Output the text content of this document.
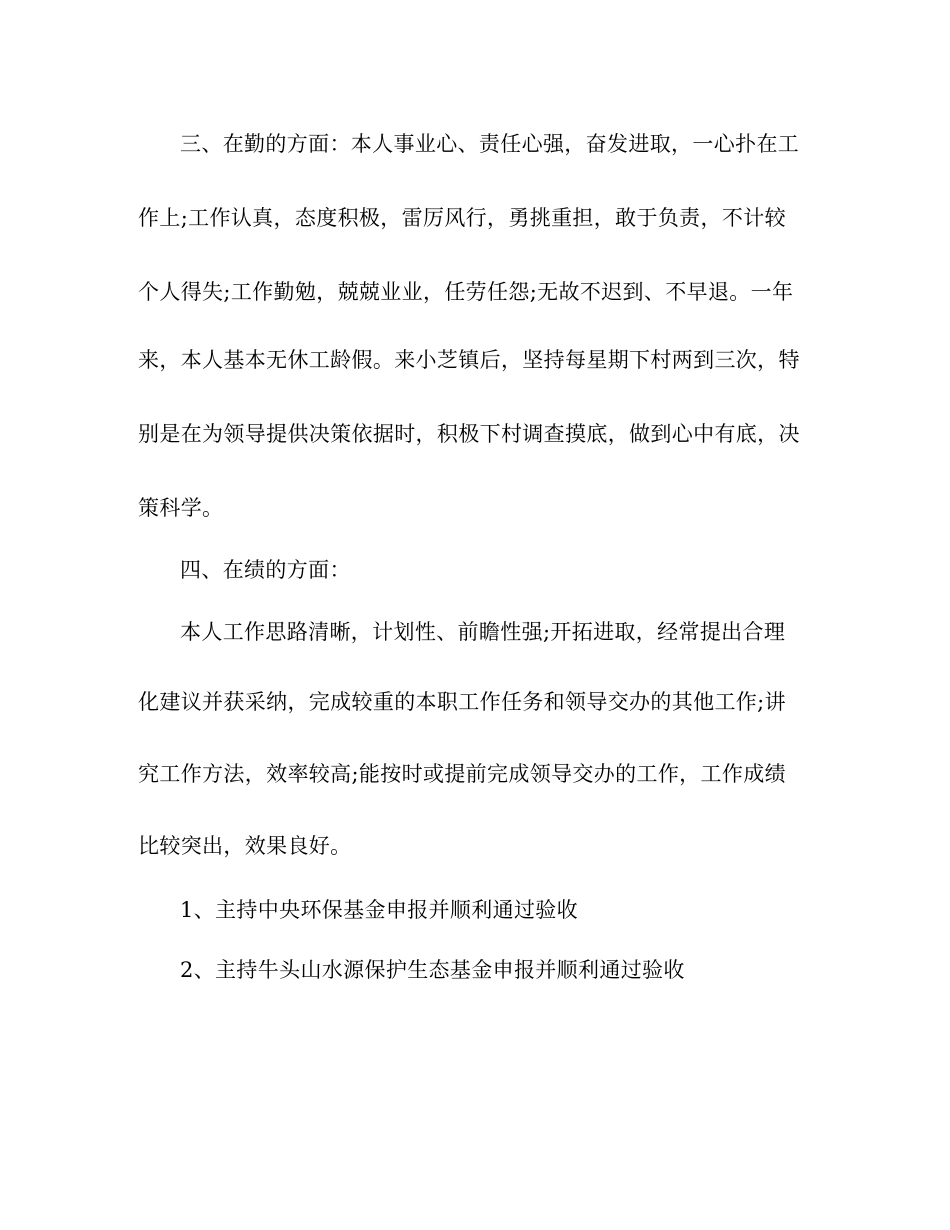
三、在勤的方面：本人事业心、责任心强，奋发进取，一心扑在工
作上;工作认真，态度积极，雷厉风行，勇挑重担，敢于负责，不计较
个人得失;工作勤勉，兢兢业业，任劳任怨;无故不迟到、不早退。一年
来，本人基本无休工龄假。来小芝镇后，坚持每星期下村两到三次，特
别是在为领导提供决策依据时，积极下村调查摸底，做到心中有底，决
策科学。
四、在绩的方面：
本人工作思路清晰，计划性、前瞻性强;开拓进取，经常提出合理
化建议并获采纳，完成较重的本职工作任务和领导交办的其他工作;讲
究工作方法，效率较高;能按时或提前完成领导交办的工作，工作成绩
比较突出，效果良好。
1、主持中央环保基金申报并顺利通过验收
2、主持牛头山水源保护生态基金申报并顺利通过验收
